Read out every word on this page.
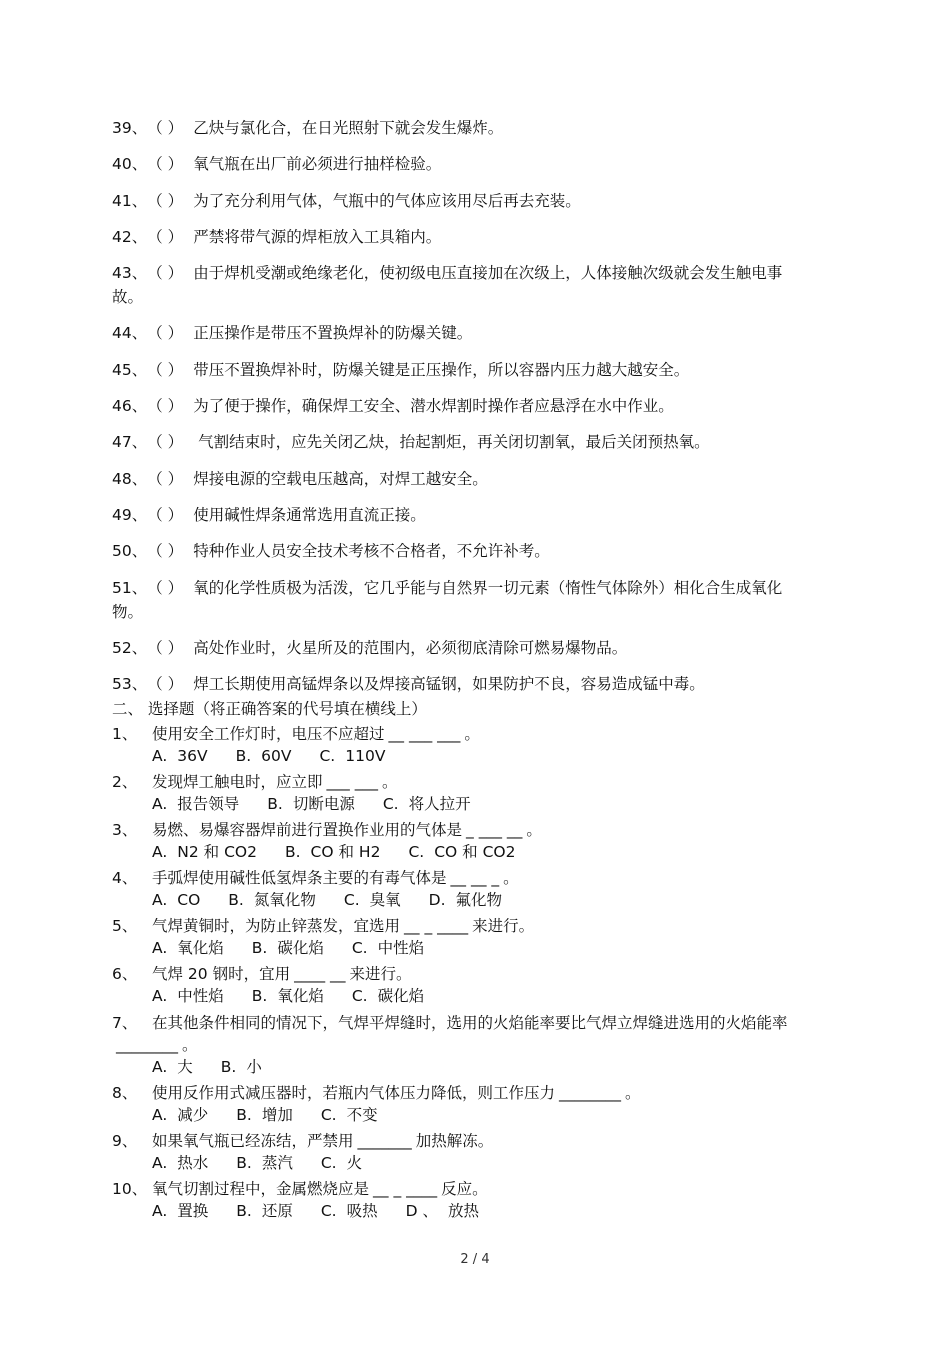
39、（ ） 乙炔与氯化合，在日光照射下就会发生爆炸。
40、（ ） 氧气瓶在出厂前必须进行抽样检验。
41、（ ） 为了充分利用气体，气瓶中的气体应该用尽后再去充装。
42、（ ） 严禁将带气源的焊柜放入工具箱内。
43、（ ） 由于焊机受潮或绝缘老化，使初级电压直接加在次级上，人体接触次级就会发生触电事故。
44、（ ） 正压操作是带压不置换焊补的防爆关键。
45、（ ） 带压不置换焊补时，防爆关键是正压操作，所以容器内压力越大越安全。
46、（ ） 为了便于操作，确保焊工安全、潜水焊割时操作者应悬浮在水中作业。
47、（ ） 气割结束时，应先关闭乙炔，抬起割炬，再关闭切割氧，最后关闭预热氧。
48、（ ） 焊接电源的空载电压越高，对焊工越安全。
49、（ ） 使用碱性焊条通常选用直流正接。
50、（ ） 特种作业人员安全技术考核不合格者，不允许补考。
51、（ ） 氧的化学性质极为活泼，它几乎能与自然界一切元素（惰性气体除外）相化合生成氧化物。
52、（ ） 高处作业时，火星所及的范围内，必须彻底清除可燃易爆物品。
53、（ ） 焊工长期使用高锰焊条以及焊接高锰钢，如果防护不良，容易造成锰中毒。
二、 选择题（将正确答案的代号填在横线上）
1、 使用安全工作灯时，电压不应超过 __ ___ ___ 。
A. 36V B. 60V C. 110V
2、 发现焊工触电时，应立即 ___ ___ 。
A. 报告领导 B. 切断电源 C. 将人拉开
3、 易燃、易爆容器焊前进行置换作业用的气体是 _ ___ __ 。
A. N2 和 CO2 B. CO 和 H2 C. CO 和 CO2
4、 手弧焊使用碱性低氢焊条主要的有毒气体是 __ __ _ 。
A. CO B. 氮氧化物 C. 臭氧 D. 氟化物
5、 气焊黄铜时，为防止锌蒸发，宜选用 __ _ ____ 来进行。
A. 氧化焰 B. 碳化焰 C. 中性焰
6、 气焊 20 钢时，宜用 ____ __ 来进行。
A. 中性焰 B. 氧化焰 C. 碳化焰
7、 在其他条件相同的情况下，气焊平焊缝时，选用的火焰能率要比气焊立焊缝进选用的火焰能率________ 。
A. 大 B. 小
8、 使用反作用式减压器时，若瓶内气体压力降低，则工作压力 ________ 。
A. 减少 B. 增加 C. 不变
9、 如果氧气瓶已经冻结，严禁用 _______ 加热解冻。
A. 热水 B. 蒸汽 C. 火
10、 氧气切割过程中，金属燃烧应是 __ _ ____ 反应。
A. 置换 B. 还原 C. 吸热 D 、 放热
2 / 4
